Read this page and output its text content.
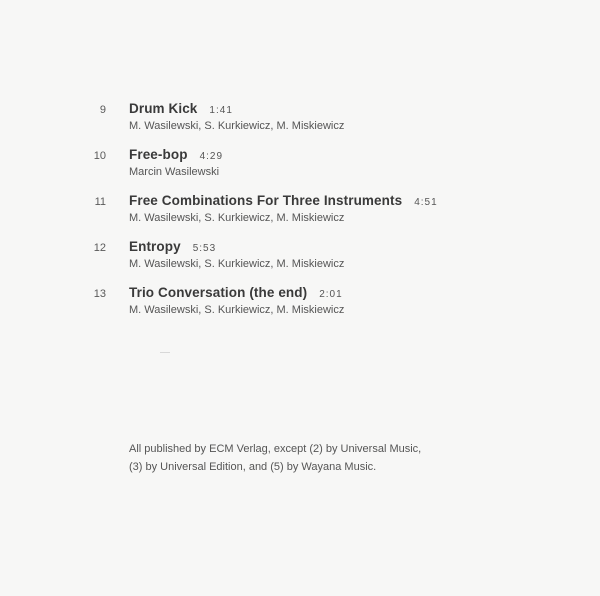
9 Drum Kick 1:41
M. Wasilewski, S. Kurkiewicz, M. Miskiewicz
10 Free-bop 4:29
Marcin Wasilewski
11 Free Combinations For Three Instruments 4:51
M. Wasilewski, S. Kurkiewicz, M. Miskiewicz
12 Entropy 5:53
M. Wasilewski, S. Kurkiewicz, M. Miskiewicz
13 Trio Conversation (the end) 2:01
M. Wasilewski, S. Kurkiewicz, M. Miskiewicz

All published by ECM Verlag, except (2) by Universal Music,

(3) by Universal Edition, and (5) by Wayana Music.
